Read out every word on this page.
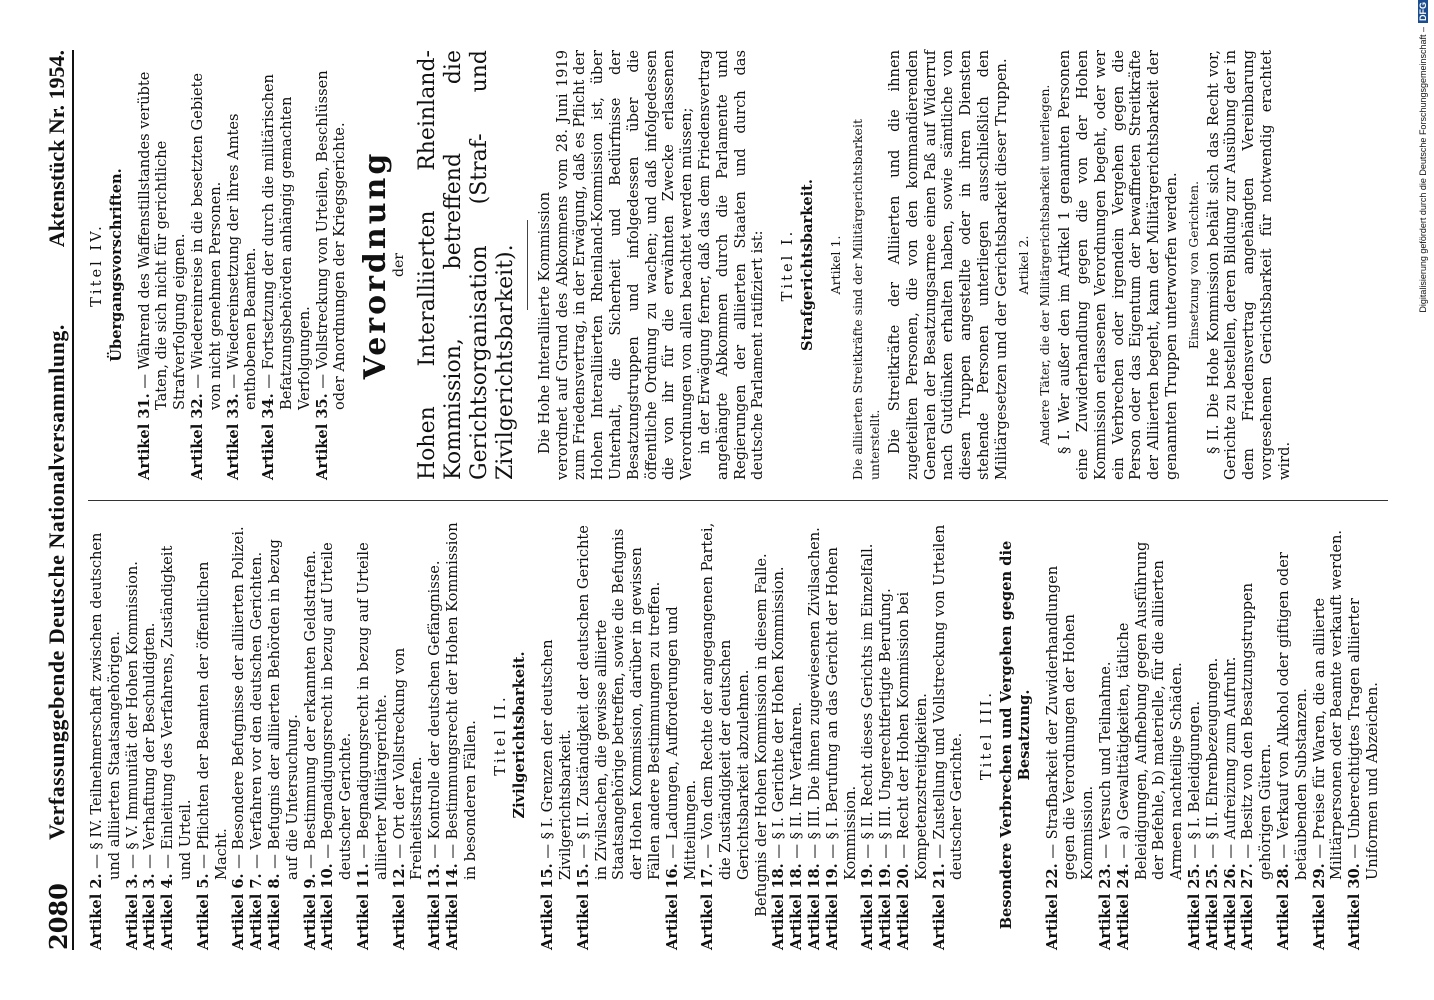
2080
Verfassunggebende Deutsche Nationalversammlung.
Aktenstück Nr. 1954.

Artikel 2. — § IV. Teilnehmerschaft zwischen deutschen und alliierten Staatsangehörigen.

Artikel 3. — § V. Immunität der Hohen Kommission.

Artikel 3. — Verhaftung der Beschuldigten.

Artikel 4. — Einleitung des Verfahrens, Zuständigkeit und Urteil.

Artikel 5. — Pflichten der Beamten der öffentlichen Macht.

Artikel 6. — Besondere Befugnisse der alliierten Polizei.

Artikel 7. — Verfahren vor den deutschen Gerichten.

Artikel 8. — Befugnis der alliierten Behörden in bezug auf die Untersuchung.

Artikel 9. — Bestimmung der erkannten Geldstrafen.

Artikel 10. — Begnadigungsrecht in bezug auf Urteile deutscher Gerichte.

Artikel 11. — Begnadigungsrecht in bezug auf Urteile alliierter Militärgerichte.

Artikel 12. — Ort der Vollstreckung von Freiheitsstrafen.

Artikel 13. — Kontrolle der deutschen Gefängnisse.

Artikel 14. — Bestimmungsrecht der Hohen Kommission in besonderen Fällen. Titel II. Zivilgerichtsbarkeit.

Artikel 15. — § I. Grenzen der deutschen Zivilgerichtsbarkeit.

Artikel 15. — § II. Zuständigkeit der deutschen Gerichte in Zivilsachen, die gewisse alliierte Staatsangehörige betreffen, sowie die Befugnis der Hohen Kommission, darüber in gewissen Fällen andere Bestimmungen zu treffen.

Artikel 16. — Ladungen, Aufforderungen und Mitteilungen.

Artikel 17. — Von dem Rechte der angegangenen Partei, die Zuständigkeit der deutschen Gerichtsbarkeit abzulehnen. Befugnis der Hohen Kommission in diesem Falle. Artikel 18. — § I. Gerichte der Hohen Kommission.

Artikel 18. — § II. Ihr Verfahren.

Artikel 18. — § III. Die ihnen zugewiesenen Zivilsachen.

Artikel 19. — § I. Berufung an das Gericht der Hohen Kommission.

Artikel 19. — § II. Recht dieses Gerichts im Einzelfall.

Artikel 19. — § III. Ungerechtfertigte Berufung.

Artikel 20. — Recht der Hohen Kommission bei Kompetenzstreitigkeiten.

Artikel 21. — Zustellung und Vollstreckung von Urteilen deutscher Gerichte. Titel III. Besondere Verbrechen und Vergehen gegen die Besatzung.

Artikel 22. — Strafbarkeit der Zuwiderhandlungen gegen die Verordnungen der Hohen Kommission.

Artikel 23. — Versuch und Teilnahme.

Artikel 24. — a) Gewalttätigkeiten, tätliche Beleidigungen, Aufhebung gegen Ausführung der Befehle, b) materielle, für die alliierten Armeen nachteilige Schäden.

Artikel 25. — § I. Beleidigungen.

Artikel 25. — § II. Ehrenbezeugungen.

Artikel 26. — Aufreizung zum Aufruhr.

Artikel 27. — Besitz von den Besatzungstruppen gehörigen Gütern.

Artikel 28. — Verkauf von Alkohol oder giftigen oder betäubenden Substanzen.

Artikel 29. — Preise für Waren, die an alliierte Militärpersonen oder Beamte verkauft werden.

Artikel 30. — Unberechtigtes Tragen alliierter Uniformen und Abzeichen.

Titel IV. Übergangsvorschriften.

Artikel 31. — Während des Waffenstillstandes verübte Taten, die sich nicht für gerichtliche Strafverfolgung eignen.

Artikel 32. — Wiedereinreise in die besetzten Gebiete von nicht genehmen Personen.

Artikel 33. — Wiedereinsetzung der ihres Amtes enthobenen Beamten.

Artikel 34. — Fortsetzung der durch die militärischen Befatzungsbehörden anhängig gemachten Verfolgungen.

Artikel 35. — Vollstreckung von Urteilen, Beschlüssen oder Anordnungen der Kriegsgerichte. Verordnung
der Hohen Interalliierten Rheinland-Kommission, betreffend die Gerichtsorganisation (Straf- und Zivilgerichtsbarkeit). Die Hohe Interalliierte Kommission verordnet auf Grund des Abkommens vom 28. Juni 1919 zum Friedensvertrag, in der Erwägung, daß es Pflicht der Hohen Interalliierten Rheinland-Kommission ist, über Unterhalt, die Sicherheit und Bedürfnisse der Besatzungstruppen und infolgedessen über die öffentliche Ordnung zu wachen; und daß infolgedessen die von ihr für die erwähnten Zwecke erlassenen Verordnungen von allen beachtet werden müssen; in der Erwägung ferner, daß das dem Friedensvertrag angehängte Abkommen durch die Parlamente und Regierungen der alliierten Staaten und durch das deutsche Parlament ratifiziert ist: Titel I. Strafgerichtsbarkeit. Artikel 1. Die alliierten Streitkräfte sind der Militärgerichtsbarkeit unterstellt. Die Streitkräfte der Alliierten und die ihnen zugeteilten Personen, die von den kommandierenden Generalen der Besatzungsarmee einen Paß auf Widerruf nach Gutdünken erhalten haben, sowie sämtliche von diesen Truppen angestellte oder in ihren Diensten stehende Personen unterliegen ausschließlich den Militärgesetzen und der Gerichtsbarkeit dieser Truppen. Artikel 2. Andere Täter, die der Militärgerichtsbarkeit unterliegen. § I. Wer außer den im Artikel 1 genannten Personen eine Zuwiderhandlung gegen die von der Hohen Kommission erlassenen Verordnungen begeht, oder wer ein Verbrechen oder irgendein Vergehen gegen die Person oder das Eigentum der bewaffneten Streitkräfte der Alliierten begeht, kann der Militärgerichtsbarkeit der genannten Truppen unterworfen werden. Einsetzung von Gerichten. § II. Die Hohe Kommission behält sich das Recht vor, Gerichte zu bestellen, deren Bildung zur Ausübung der in dem Friedensvertrag angehängten Vereinbarung vorgesehenen Gerichtsbarkeit für notwendig erachtet wird.

Digitalisierung gefördert durch die Deutsche Forschungsgemeinschaft –DFG
